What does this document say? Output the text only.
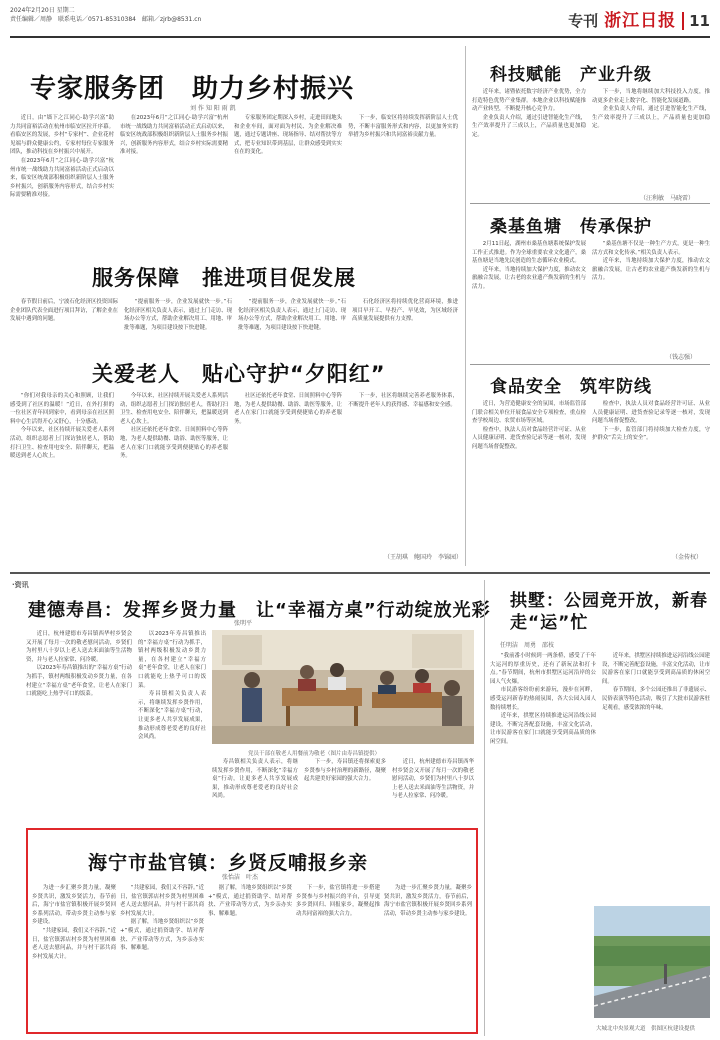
2024年2月20日 星期二
责任编辑／周静　联系电话／0571-85310384　邮箱／zjrb@8531.cn	专刊 浙江日报 11
专家服务团　助力乡村振兴
刘 作 知 阳 雨 凯

近日，由“墙下之江同心·助学兴富”助力共同富裕活动在杭州市临安区拉开序幕。看临安区的发展，乡村“专家村”、企业花村见端与群众健康公约，专家村每位专家服务团队，推动科技在乡村振兴中展开。

在2023年6月“之江同心·助学兴富”杭州市统一战线助力共同富裕活动正式启动以来，临安区统战部积极组织新阶层人士服务乡村振兴，创新服务内容形式，结合乡村实际需要精准对接。

在2023年6月“之江同心·助学兴富”杭州市统一战线助力共同富裕活动正式启动以来，临安区统战部积极组织新阶层人士服务乡村振兴，创新服务内容形式，结合乡村实际需要精准对接。

专家服务团定期深入乡村，走进田间地头和企业车间，面对面为村民、为企业解决难题，通过专题讲座、现场指导、结对帮扶等方式，把专业知识带到基层，让群众感受到实实在在的变化。

下一步，临安区将持续发挥新阶层人士优势，不断丰富服务形式和内容，以更加务实的举措为乡村振兴和共同富裕贡献力量。

服务保障　推进项目促发展

春节假日前后，宁波石化经济区投资国际企业团队代表全面进行项目拜访，了解企业在发展中遇到的问题。

“提前服务一步，企业发展就快一步。”石化经济区相关负责人表示，通过上门走访、现场办公等方式，帮助企业解决用工、用地、审批等难题，为项目建设按下快进键。

“提前服务一步，企业发展就快一步。”石化经济区相关负责人表示，通过上门走访、现场办公等方式，帮助企业解决用工、用地、审批等难题，为项目建设按下快进键。

石化经济区将持续优化营商环境，推进项目早开工、早投产、早见效，为区域经济高质量发展提供有力支撑。

关爱老人　贴心守护“夕阳红”

“你们对我母亲的关心和照顾，让我们感受到了社区的温暖！”近日，在外打拼的一位社区青年回到家中，看到母亲在社区照料中心生活得开心又舒心，十分感动。

今年以来，社区持续开展关爱老人系列活动，组织志愿者上门探访独居老人，帮助打扫卫生、检查用电安全、陪伴聊天，把温暖送到老人心坎上。

今年以来，社区持续开展关爱老人系列活动，组织志愿者上门探访独居老人，帮助打扫卫生、检查用电安全、陪伴聊天，把温暖送到老人心坎上。

社区还依托老年食堂、日间照料中心等阵地，为老人提供助餐、助浴、助医等服务，让老人在家门口就能享受到便捷贴心的养老服务。

社区还依托老年食堂、日间照料中心等阵地，为老人提供助餐、助浴、助医等服务，让老人在家门口就能享受到便捷贴心的养老服务。

下一步，社区将继续完善养老服务体系，不断提升老年人的获得感、幸福感和安全感。

（王胡琪　鲍国玲　李锦园）
科技赋能　产业升级

近年来，诸暨依托数字经济产业优势，全力打造特色优势产业集群。本地企业以科技赋能推动产业转型，不断提升核心竞争力。

企业负责人介绍，通过引进智能化生产线，生产效率提升了三成以上，产品质量也更加稳定。

下一步，当地将继续加大科技投入力度，推动更多企业走上数字化、智能化发展道路。

企业负责人介绍，通过引进智能化生产线，生产效率提升了三成以上，产品质量也更加稳定。

（汪利敏　马晓雷）
桑基鱼塘　传承保护

2月11日起，湖州市桑基鱼塘系统保护发展工作正式推进。作为全球重要农业文化遗产，桑基鱼塘是当地先民创造的生态循环农业模式。

近年来，当地持续加大保护力度，推动农文旅融合发展，让古老的农业遗产焕发新的生机与活力。

“桑基鱼塘不仅是一种生产方式，更是一种生活方式和文化传承。”相关负责人表示。

近年来，当地持续加大保护力度，推动农文旅融合发展，让古老的农业遗产焕发新的生机与活力。

（钱志强）
食品安全　筑牢防线

近日，为营造健康安全的氛围，市场监管部门联合相关单位开展食品安全专项检查，重点检查学校周边、农贸市场等区域。

检查中，执法人员对食品经营许可证、从业人员健康证明、进货查验记录等逐一核对，发现问题当场督促整改。

检查中，执法人员对食品经营许可证、从业人员健康证明、进货查验记录等逐一核对，发现问题当场督促整改。

下一步，监管部门将持续加大检查力度，守护群众“舌尖上的安全”。

（金传权）
·资讯
建德寿昌：发挥乡贤力量　让“幸福方桌”行动绽放光彩
张明平

近日，杭州建德市寿昌镇西华村乡贤会又开展了每月一次的敬老慰问活动，乡贤们为村里八十岁以上老人送去米面油等生活物资，并与老人拉家常、问冷暖。

以2023年寿昌镇推出的“幸福方桌”行动为抓手，镇村两级积极发动乡贤力量，在各村建立“幸福方桌”老年食堂，让老人在家门口就能吃上热乎可口的饭菜。

以2023年寿昌镇推出的“幸福方桌”行动为抓手，镇村两级积极发动乡贤力量，在各村建立“幸福方桌”老年食堂，让老人在家门口就能吃上热乎可口的饭菜。

寿昌镇相关负责人表示，将继续发挥乡贤作用，不断深化“幸福方桌”行动，让更多老人共享发展成果，推动形成尊老爱老的良好社会风尚。

党员干部在敬老人用餐前为敬老（图片由寿昌镇提供）

寿昌镇相关负责人表示，将继续发挥乡贤作用，不断深化“幸福方桌”行动，让更多老人共享发展成果，推动形成尊老爱老的良好社会风尚。

下一步，寿昌镇还将探索更多乡贤参与乡村治理的新路径，凝聚起共建美好家园的强大合力。

近日，杭州建德市寿昌镇西华村乡贤会又开展了每月一次的敬老慰问活动，乡贤们为村里八十岁以上老人送去米面油等生活物资，并与老人拉家常、问冷暖。

拱墅：公园竞开放，新春走“运”忙
任明洁　周勇　邵枝

“我前番小时候到一两条桥，感受了千年大运河的厚重历史，还有了新玩法和打卡点。”春节期间，杭州市拱墅区运河沿岸的公园人气火爆。

市民游客纷纷前来游玩，漫步在河畔，感受运河新春的热闹氛围，各大公园入园人数持续增长。

近年来，拱墅区持续推进运河沿线公园建设，不断完善配套设施，丰富文化活动，让市民游客在家门口就能享受到高品质的休闲空间。

近年来，拱墅区持续推进运河沿线公园建设，不断完善配套设施，丰富文化活动，让市民游客在家门口就能享受到高品质的休闲空间。

春节期间，多个公园还推出了非遗展示、民俗表演等特色活动，吸引了大批市民游客驻足观看，感受浓浓的年味。

大城北中央景观大道　供图区杭建设提供
海宁市盐官镇：乡贤反哺报乡亲
张怡洁　叶杰

为进一步汇聚乡贤力量，凝聚乡贤共识，激发乡贤活力，春节前后，海宁市盐官镇积极开展乡贤回乡系列活动，带动乡贤主动参与家乡建设。

“共建家园，我们义不容辞。”近日，盐官镇郭店村乡贤为村里困难老人送去慰问品，并与村干部共商乡村发展大计。

“共建家园，我们义不容辞。”近日，盐官镇郭店村乡贤为村里困难老人送去慰问品，并与村干部共商乡村发展大计。

据了解，当地乡贤组织以“乡贤+”模式，通过捐资助学、结对帮扶、产业带动等方式，为乡亲办实事、解难题。

据了解，当地乡贤组织以“乡贤+”模式，通过捐资助学、结对帮扶、产业带动等方式，为乡亲办实事、解难题。

下一步，盐官镇将进一步搭建乡贤参与乡村振兴的平台，引导更多乡贤回归、回报家乡，凝聚起推动共同富裕的强大合力。

为进一步汇聚乡贤力量，凝聚乡贤共识，激发乡贤活力，春节前后，海宁市盐官镇积极开展乡贤回乡系列活动，带动乡贤主动参与家乡建设。
